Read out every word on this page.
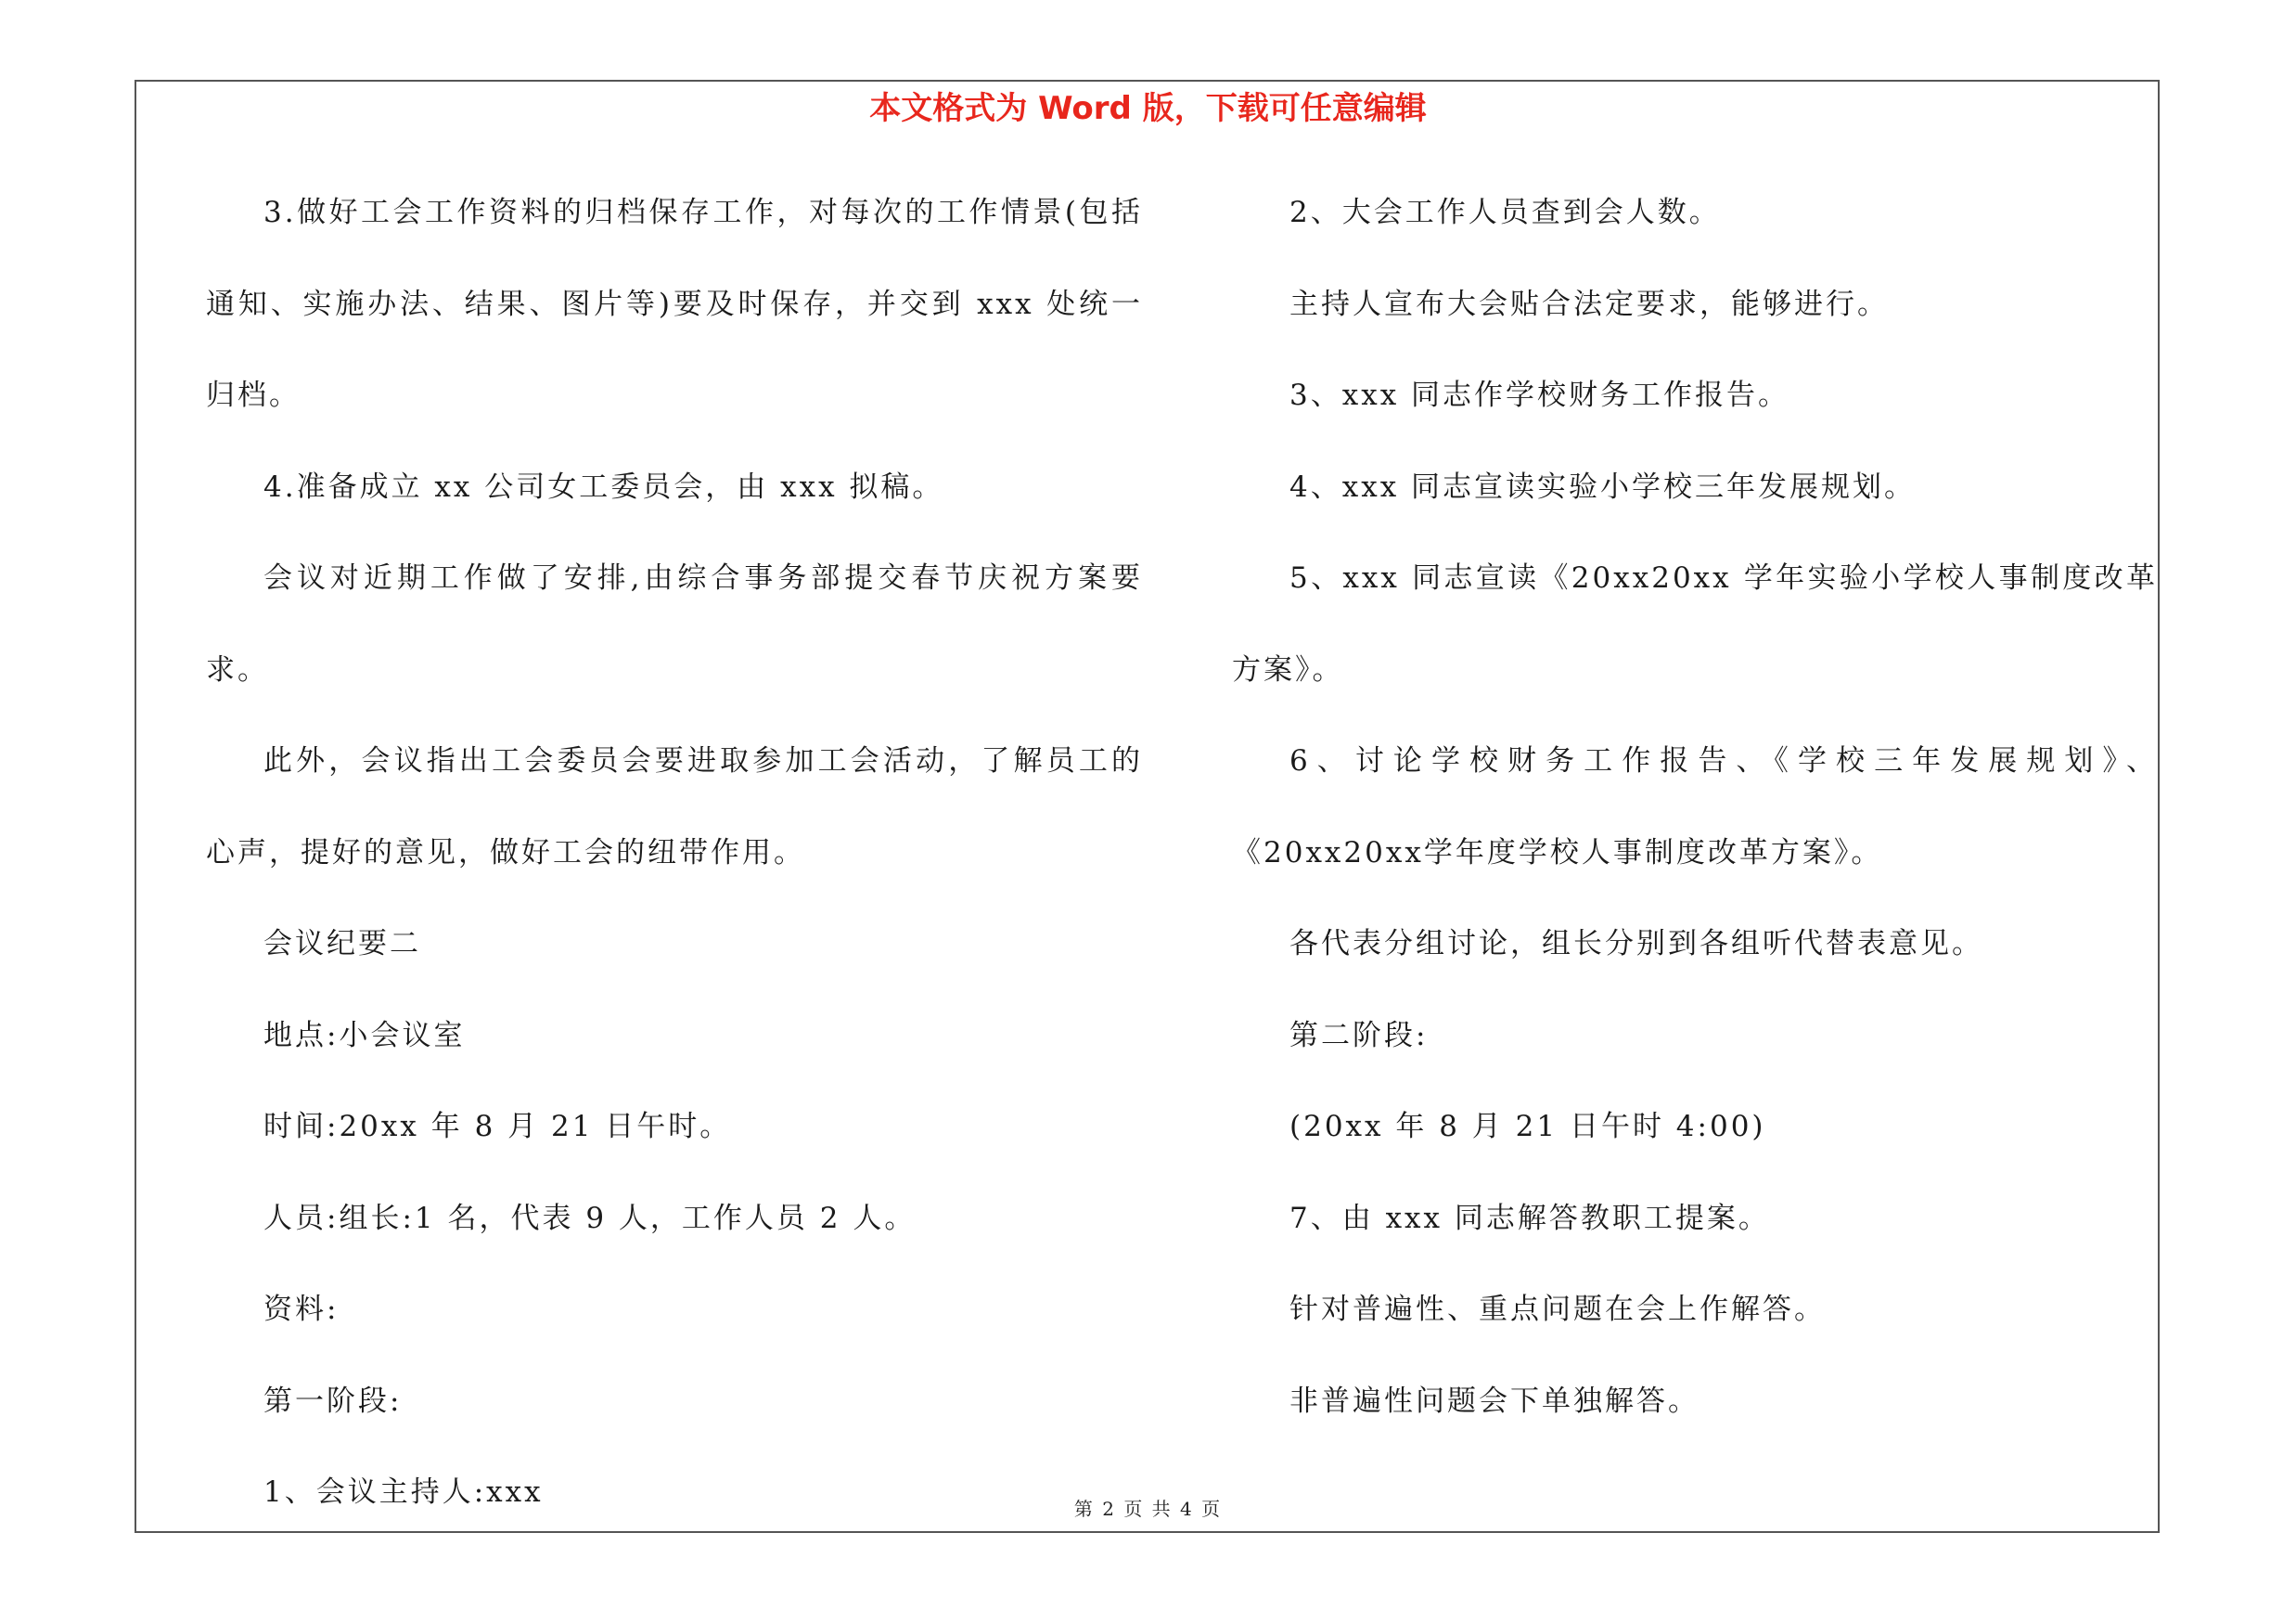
本文格式为 Word 版，下载可任意编辑

3.做好工会工作资料的归档保存工作，对每次的工作情景(包括通知、实施办法、结果、图片等)要及时保存，并交到 xxx 处统一归档。

4.准备成立 xx 公司女工委员会，由 xxx 拟稿。

会议对近期工作做了安排,由综合事务部提交春节庆祝方案要求。

此外，会议指出工会委员会要进取参加工会活动，了解员工的心声，提好的意见，做好工会的纽带作用。

会议纪要二

地点:小会议室

时间:20xx 年 8 月 21 日午时。

人员:组长:1 名，代表 9 人，工作人员 2 人。

资料:

第一阶段:

1、会议主持人:xxx

2、大会工作人员查到会人数。

主持人宣布大会贴合法定要求，能够进行。

3、xxx 同志作学校财务工作报告。

4、xxx 同志宣读实验小学校三年发展规划。

5、xxx 同志宣读《20xx20xx 学年实验小学校人事制度改革方案》。

6、讨论学校财务工作报告、《学校三年发展规划》、《20xx20xx学年度学校人事制度改革方案》。

各代表分组讨论，组长分别到各组听代替表意见。

第二阶段:

(20xx 年 8 月 21 日午时 4:00)

7、由 xxx 同志解答教职工提案。

针对普遍性、重点问题在会上作解答。

非普遍性问题会下单独解答。

第 2 页 共 4 页
